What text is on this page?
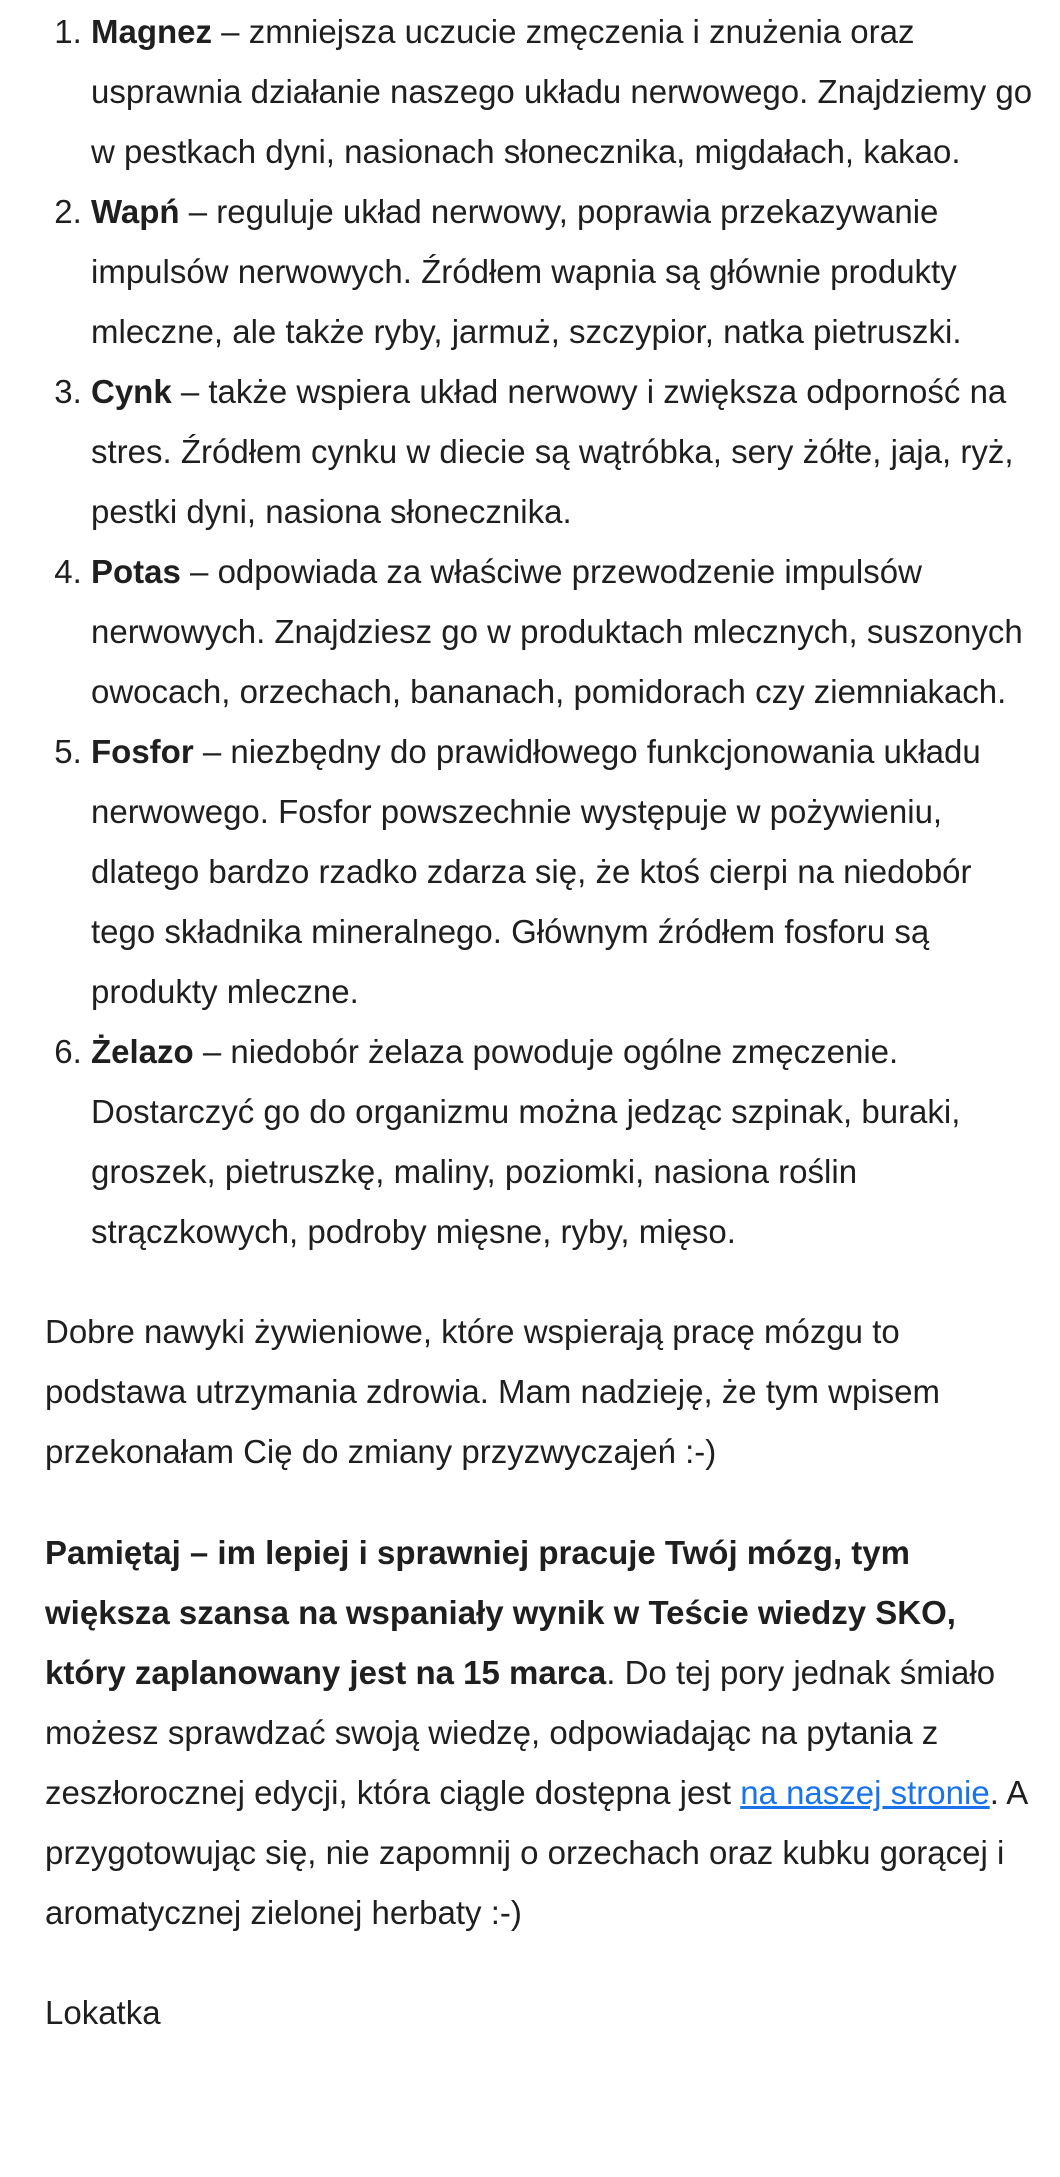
1. Magnez – zmniejsza uczucie zmęczenia i znużenia oraz usprawnia działanie naszego układu nerwowego. Znajdziemy go w pestkach dyni, nasionach słonecznika, migdałach, kakao.
2. Wapń – reguluje układ nerwowy, poprawia przekazywanie impulsów nerwowych. Źródłem wapnia są głównie produkty mleczne, ale także ryby, jarmuż, szczypior, natka pietruszki.
3. Cynk – także wspiera układ nerwowy i zwiększa odporność na stres. Źródłem cynku w diecie są wątróbka, sery żółte, jaja, ryż, pestki dyni, nasiona słonecznika.
4. Potas – odpowiada za właściwe przewodzenie impulsów nerwowych. Znajdziesz go w produktach mlecznych, suszonych owocach, orzechach, bananach, pomidorach czy ziemniakach.
5. Fosfor – niezbędny do prawidłowego funkcjonowania układu nerwowego. Fosfor powszechnie występuje w pożywieniu, dlatego bardzo rzadko zdarza się, że ktoś cierpi na niedobór tego składnika mineralnego. Głównym źródłem fosforu są produkty mleczne.
6. Żelazo – niedobór żelaza powoduje ogólne zmęczenie. Dostarczyć go do organizmu można jedząc szpinak, buraki, groszek, pietruszkę, maliny, poziomki, nasiona roślin strączkowych, podroby mięsne, ryby, mięso.

Dobre nawyki żywieniowe, które wspierają pracę mózgu to podstawa utrzymania zdrowia. Mam nadzieję, że tym wpisem przekonałam Cię do zmiany przyzwyczajeń :-)

Pamiętaj – im lepiej i sprawniej pracuje Twój mózg, tym większa szansa na wspaniały wynik w Teście wiedzy SKO, który zaplanowany jest na 15 marca. Do tej pory jednak śmiało możesz sprawdzać swoją wiedzę, odpowiadając na pytania z zeszłorocznej edycji, która ciągle dostępna jest na naszej stronie. A przygotowując się, nie zapomnij o orzechach oraz kubku gorącej i aromatycznej zielonej herbaty :-)

Lokatka
